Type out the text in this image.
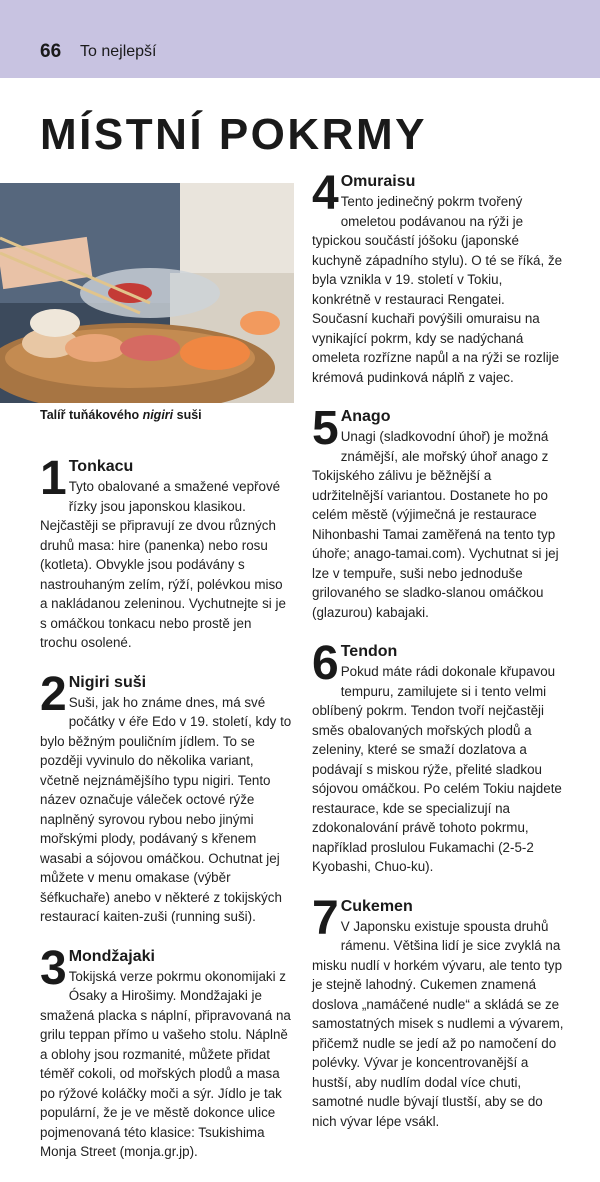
66 To nejlepší
MÍSTNÍ POKRMY
Talíř tuňákového nigiri suši
1 Tonkacu

Tyto obalované a smažené vepřové řízky jsou japonskou klasikou. Nejčastěji se připravují ze dvou různých druhů masa: hire (panenka) nebo rosu (kotleta). Obvykle jsou podávány s nastrouhaným zelím, rýží, polévkou miso a nakládanou zeleninou. Vychutnejte si je s omáčkou tonkacu nebo prostě jen trochu osolené.

2 Nigiri suši

Suši, jak ho známe dnes, má své počátky v éře Edo v 19. století, kdy to bylo běžným pouličním jídlem. To se později vyvinulo do několika variant, včetně nejznámějšího typu nigiri. Tento název označuje váleček octové rýže naplněný syrovou rybou nebo jinými mořskými plody, podávaný s křenem wasabi a sójovou omáčkou. Ochutnat jej můžete v menu omakase (výběr šéfkuchaře) anebo v některé z tokijských restaurací kaiten-zuši (running suši).

3 Mondžajaki

Tokijská verze pokrmu okonomijaki z Ósaky a Hirošimy. Mondžajaki je smažená placka s náplní, připravovaná na grilu teppan přímo u vašeho stolu. Náplně a oblohy jsou rozmanité, můžete přidat téměř cokoli, od mořských plodů a masa po rýžové koláčky moči a sýr. Jídlo je tak populární, že je ve městě dokonce ulice pojmenovaná této klasice: Tsukishima Monja Street (monja.gr.jp).

4 Omuraisu

Tento jedinečný pokrm tvořený omeletou podávanou na rýži je typickou součástí jóšoku (japonské kuchyně západního stylu). O té se říká, že byla vznikla v 19. století v Tokiu, konkrétně v restauraci Rengatei. Současní kuchaři povýšili omuraisu na vynikající pokrm, kdy se nadýchaná omeleta rozřízne napůl a na rýži se rozlije krémová pudinková náplň z vajec.

5 Anago

Unagi (sladkovodní úhoř) je možná známější, ale mořský úhoř anago z Tokijského zálivu je běžnější a udržitelnější variantou. Dostanete ho po celém městě (výjimečná je restaurace Nihonbashi Tamai zaměřená na tento typ úhoře; anago-tamai.com). Vychutnat si jej lze v tempuře, suši nebo jednoduše grilovaného se sladko-slanou omáčkou (glazurou) kabajaki.

6 Tendon

Pokud máte rádi dokonale křupavou tempuru, zamilujete si i tento velmi oblíbený pokrm. Tendon tvoří nejčastěji směs obalovaných mořských plodů a zeleniny, které se smaží dozlatova a podávají s miskou rýže, přelité sladkou sójovou omáčkou. Po celém Tokiu najdete restaurace, kde se specializují na zdokonalování právě tohoto pokrmu, například proslulou Fukamachi (2-5-2 Kyobashi, Chuo-ku).

7 Cukemen

V Japonsku existuje spousta druhů rámenu. Většina lidí je sice zvyklá na misku nudlí v horkém vývaru, ale tento typ je stejně lahodný. Cukemen znamená doslova „namáčené nudle“ a skládá se ze samostatných misek s nudlemi a vývarem, přičemž nudle se jedí až po namočení do polévky. Vývar je koncentrovanější a hustší, aby nudlím dodal více chuti, samotné nudle bývají tlustší, aby se do nich vývar lépe vsákl.
